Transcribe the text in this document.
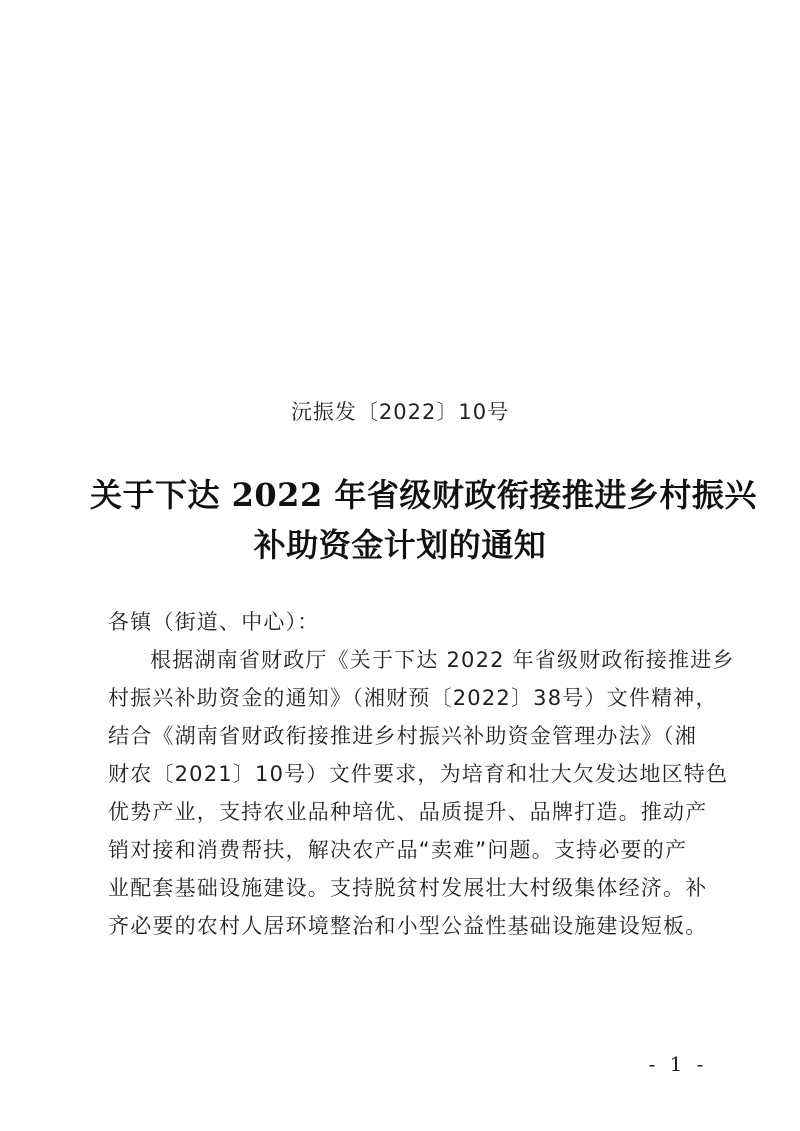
沅振发〔2022〕10号
关于下达 2022 年省级财政衔接推进乡村振兴
补助资金计划的通知
各镇（街道、中心）：
根据湖南省财政厅《关于下达 2022 年省级财政衔接推进乡
村振兴补助资金的通知》（湘财预〔2022〕38号）文件精神，
结合《湖南省财政衔接推进乡村振兴补助资金管理办法》（湘
财农〔2021〕10号）文件要求，为培育和壮大欠发达地区特色
优势产业，支持农业品种培优、品质提升、品牌打造。推动产
销对接和消费帮扶，解决农产品“卖难”问题。支持必要的产
业配套基础设施建设。支持脱贫村发展壮大村级集体经济。补
齐必要的农村人居环境整治和小型公益性基础设施建设短板。
- 1 -
